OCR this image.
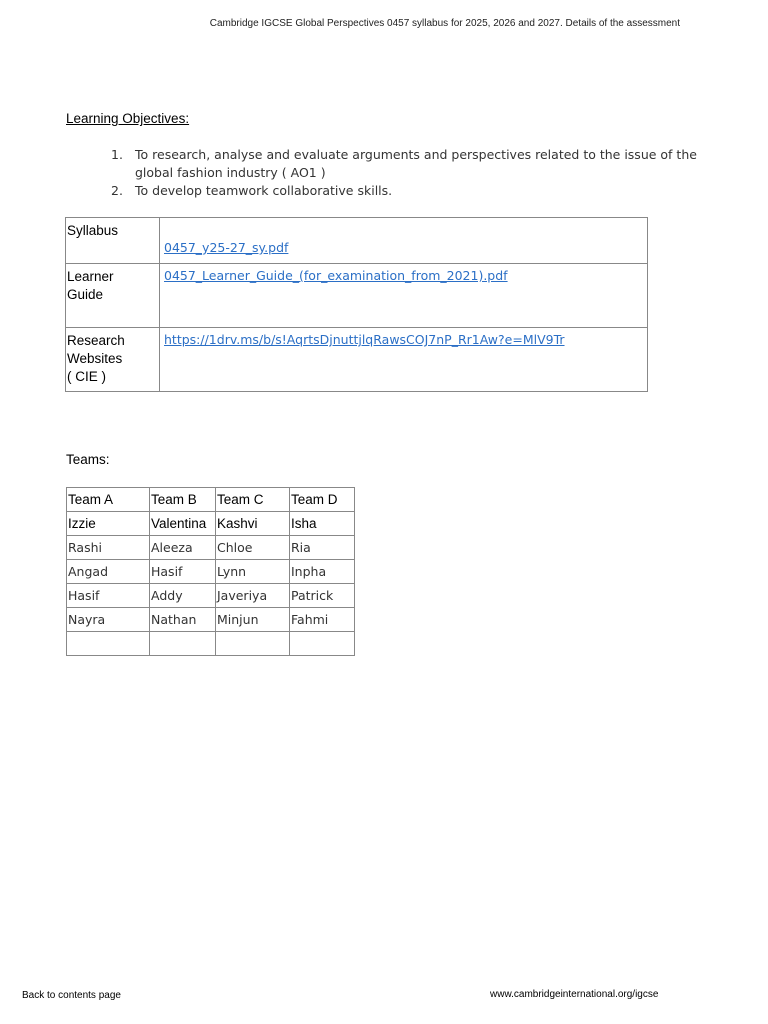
Cambridge IGCSE Global Perspectives 0457 syllabus for 2025, 2026 and 2027. Details of the assessment
Learning Objectives:
1. To research, analyse and evaluate arguments and perspectives related to the issue of the
global fashion industry ( AO1 )
2. To develop teamwork collaborative skills.
Syllabus	0457_y25-27_sy.pdf
Learner
Guide	0457_Learner_Guide_(for_examination_from_2021).pdf
Research
Websites
( CIE )	https://1drv.ms/b/s!AqrtsDjnuttjlqRawsCOJ7nP_Rr1Aw?e=MlV9Tr
Teams:
Team A	Team B	Team C	Team D
Izzie	Valentina	Kashvi	Isha
Rashi	Aleeza	Chloe	Ria
Angad	Hasif	Lynn	Inpha
Hasif	Addy	Javeriya	Patrick
Nayra	Nathan	Minjun	Fahmi

Back to contents page	www.cambridgeinternational.org/igcse
